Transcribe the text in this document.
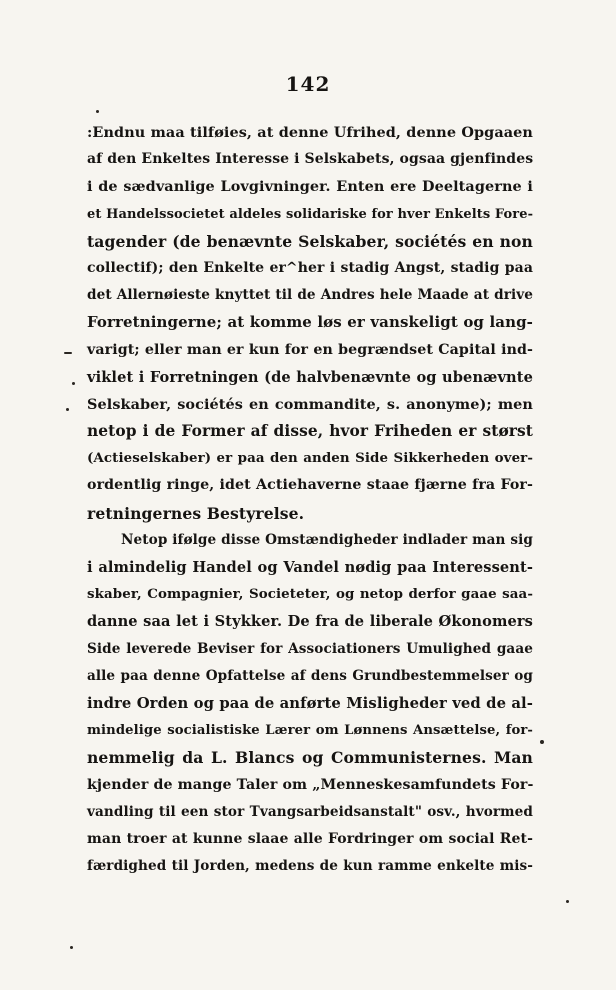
142
:Endnu maa tilføies, at denne Ufrihed, denne Opgaaen
af den Enkeltes Interesse i Selskabets, ogsaa gjenfindes
i de sædvanlige Lovgivninger. Enten ere Deeltagerne i
et Handelssocietet aldeles solidariske for hver Enkelts Fore-
tagender (de benævnte Selskaber, sociétés en non
collectif); den Enkelte er^her i stadig Angst, stadig paa
det Allernøieste knyttet til de Andres hele Maade at drive
Forretningerne; at komme løs er vanskeligt og lang-
varigt; eller man er kun for en begrændset Capital ind-
viklet i Forretningen (de halvbenævnte og ubenævnte
Selskaber, sociétés en commandite, s. anonyme); men
netop i de Former af disse, hvor Friheden er størst
(Actieselskaber) er paa den anden Side Sikkerheden over-
ordentlig ringe, idet Actiehaverne staae fjærne fra For-
retningernes Bestyrelse.
Netop ifølge disse Omstændigheder indlader man sig
i almindelig Handel og Vandel nødig paa Interessent-
skaber, Compagnier, Societeter, og netop derfor gaae saa-
danne saa let i Stykker. De fra de liberale Økonomers
Side leverede Beviser for Associationers Umulighed gaae
alle paa denne Opfattelse af dens Grundbestemmelser og
indre Orden og paa de anførte Misligheder ved de al-
mindelige socialistiske Lærer om Lønnens Ansættelse, for-
nemmelig da L. Blancs og Communisternes. Man
kjender de mange Taler om „Menneskesamfundets For-
vandling til een stor Tvangsarbeidsanstalt" osv., hvormed
man troer at kunne slaae alle Fordringer om social Ret-
færdighed til Jorden, medens de kun ramme enkelte mis-
